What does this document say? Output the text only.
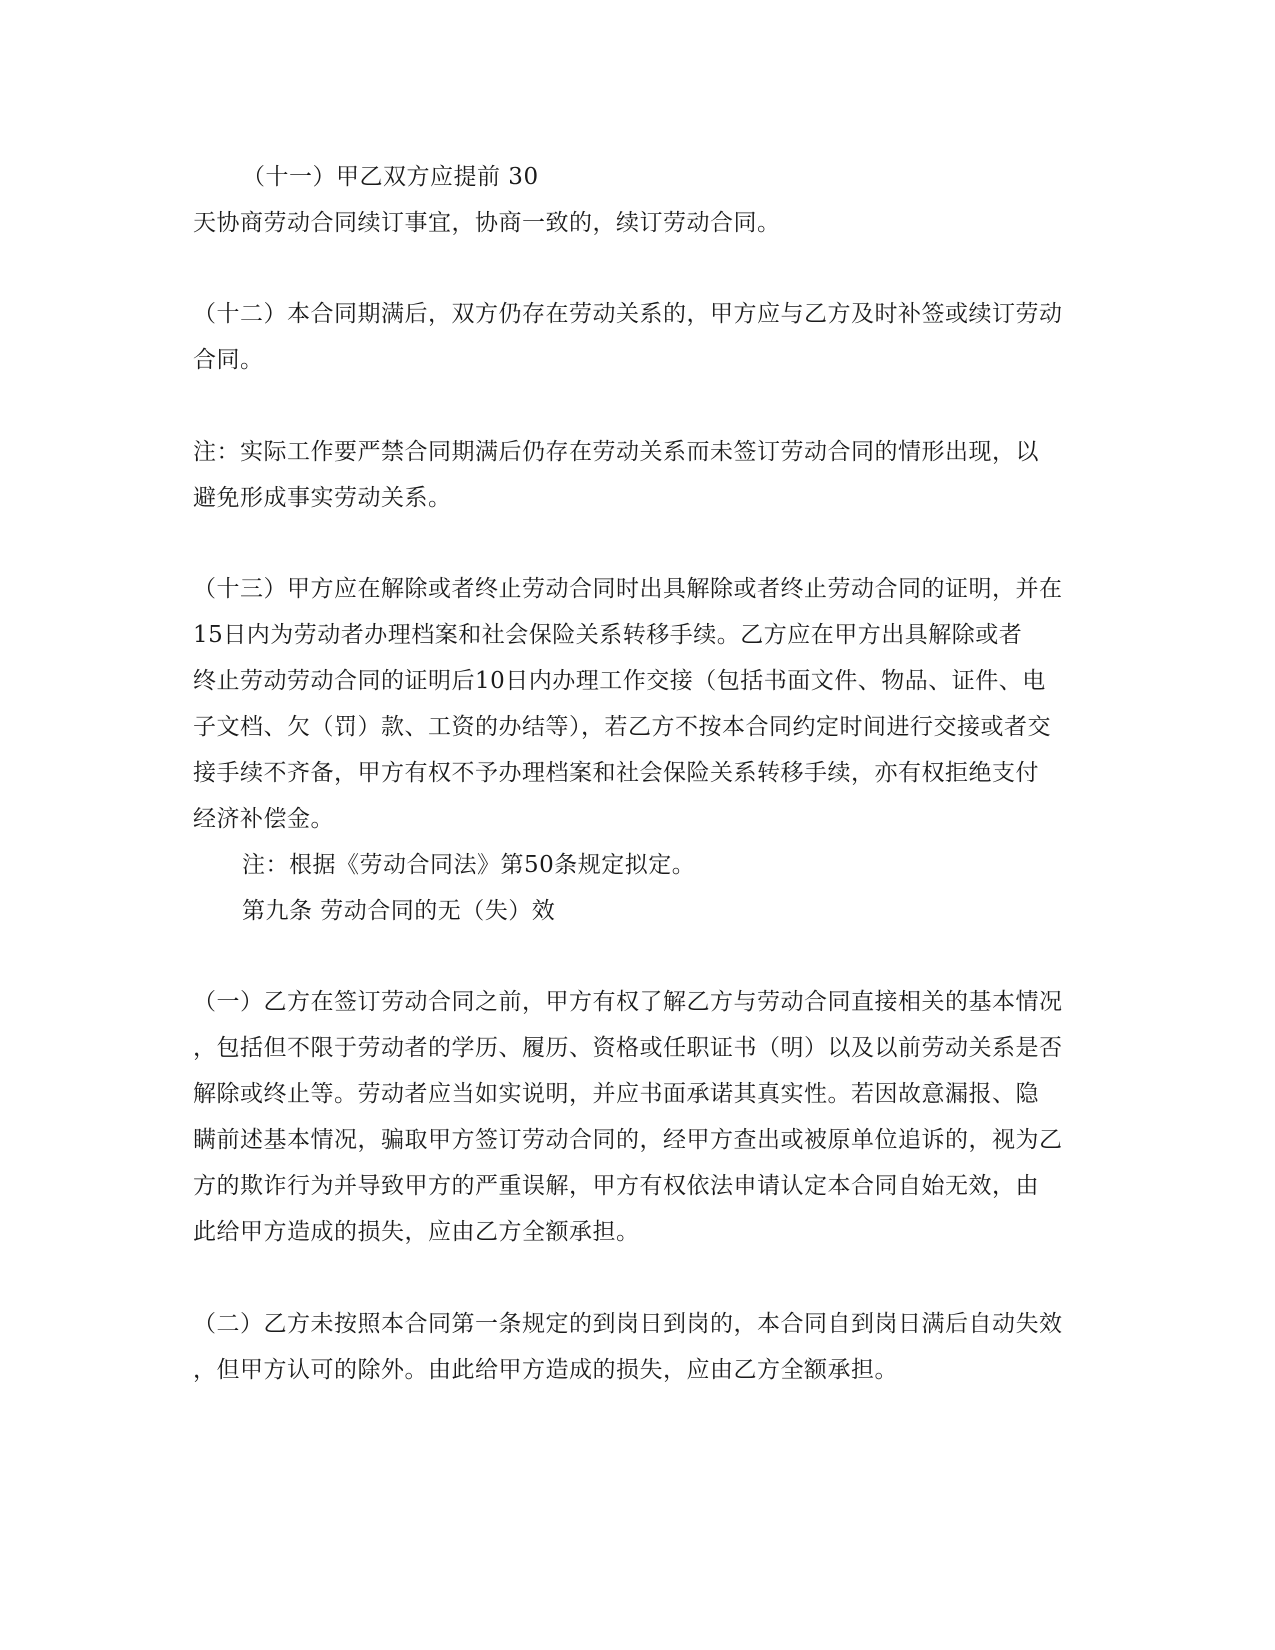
（十一）甲乙双方应提前 30
天协商劳动合同续订事宜，协商一致的，续订劳动合同。
（十二）本合同期满后，双方仍存在劳动关系的，甲方应与乙方及时补签或续订劳动
合同。
注：实际工作要严禁合同期满后仍存在劳动关系而未签订劳动合同的情形出现，以
避免形成事实劳动关系。
（十三）甲方应在解除或者终止劳动合同时出具解除或者终止劳动合同的证明，并在
15日内为劳动者办理档案和社会保险关系转移手续。乙方应在甲方出具解除或者
终止劳动劳动合同的证明后10日内办理工作交接（包括书面文件、物品、证件、电
子文档、欠（罚）款、工资的办结等），若乙方不按本合同约定时间进行交接或者交
接手续不齐备，甲方有权不予办理档案和社会保险关系转移手续，亦有权拒绝支付
经济补偿金。
注：根据《劳动合同法》第50条规定拟定。
第九条 劳动合同的无（失）效
（一）乙方在签订劳动合同之前，甲方有权了解乙方与劳动合同直接相关的基本情况
，包括但不限于劳动者的学历、履历、资格或任职证书（明）以及以前劳动关系是否
解除或终止等。劳动者应当如实说明，并应书面承诺其真实性。若因故意漏报、隐
瞒前述基本情况，骗取甲方签订劳动合同的，经甲方查出或被原单位追诉的，视为乙
方的欺诈行为并导致甲方的严重误解，甲方有权依法申请认定本合同自始无效，由
此给甲方造成的损失，应由乙方全额承担。
（二）乙方未按照本合同第一条规定的到岗日到岗的，本合同自到岗日满后自动失效
，但甲方认可的除外。由此给甲方造成的损失，应由乙方全额承担。
